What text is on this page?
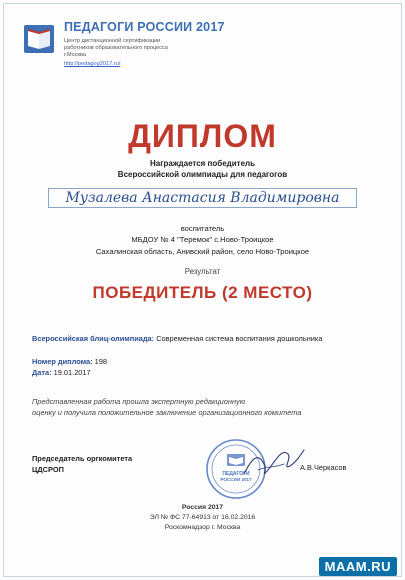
ПЕДАГОГИ РОССИИ 2017
Центр дистанционной сертификации
работников образовательного процесса
г.Москва
http://pedagog2017.ru/
ДИПЛОМ
Награждается победитель
Всероссийской олимпиады для педагогов
Музалева Анастасия Владимировна
воспитатель
МБДОУ № 4 "Теремок" с.Ново-Троицкое
Сахалинская область, Анивский район, село Ново-Троицкое
Результат
ПОБЕДИТЕЛЬ (2 МЕСТО)
Всероссийская блиц-олимпиада: Современная система воспитания дошкольника
Номер диплома: 198
Дата: 19.01.2017
Представленная работа прошла экспертную редакционную
оценку и получила положительное заключение организационного комитета
Председатель оргкомитета
ЦДСРОП	ПЕДАГОГИ
РОССИИ 2017
А.В.Черкасов
Россия 2017
ЭЛ № ФС 77-64913 от 16.02.2016
Роскомнадзор г. Москва
MAAM.RU
